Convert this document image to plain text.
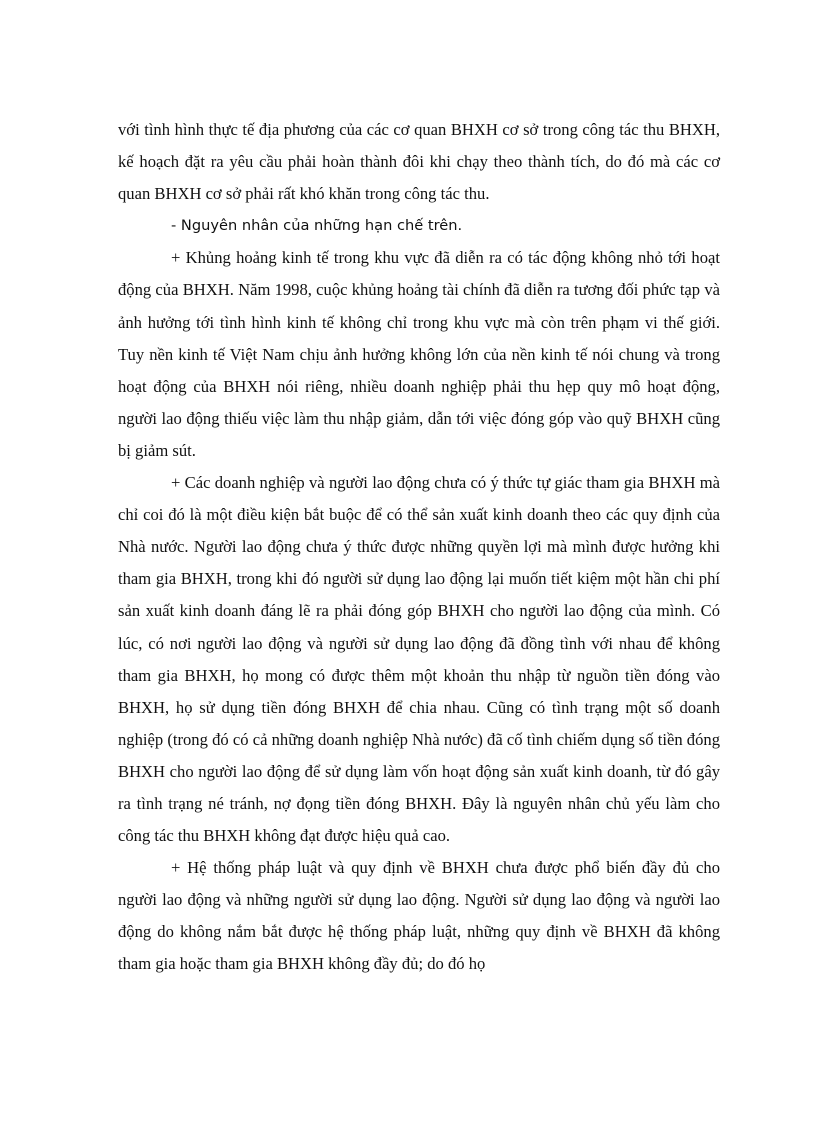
với tình hình thực tế địa phương của các cơ quan BHXH cơ sở trong công tác thu BHXH, kế hoạch đặt ra yêu cầu phải hoàn thành đôi khi chạy theo thành tích, do đó mà các cơ quan BHXH cơ sở phải rất khó khăn trong công tác thu.

- Nguyên nhân của những hạn chế trên.

+ Khủng hoảng kinh tế trong khu vực đã diễn ra có tác động không nhỏ tới hoạt động của BHXH. Năm 1998, cuộc khủng hoảng tài chính đã diễn ra tương đối phức tạp và ảnh hưởng tới tình hình kinh tế không chỉ trong khu vực mà còn trên phạm vi thế giới. Tuy nền kinh tế Việt Nam chịu ảnh hưởng không lớn của nền kinh tế nói chung và trong hoạt động của BHXH nói riêng, nhiều doanh nghiệp phải thu hẹp quy mô hoạt động, người lao động thiếu việc làm thu nhập giảm, dẫn tới việc đóng góp vào quỹ BHXH cũng bị giảm sút.

+ Các doanh nghiệp và người lao động chưa có ý thức tự giác tham gia BHXH mà chỉ coi đó là một điều kiện bắt buộc để có thể sản xuất kinh doanh theo các quy định của Nhà nước. Người lao động chưa ý thức được những quyền lợi mà mình được hưởng khi tham gia BHXH, trong khi đó người sử dụng lao động lại muốn tiết kiệm một hần chi phí sản xuất kinh doanh đáng lẽ ra phải đóng góp BHXH cho người lao động của mình. Có lúc, có nơi người lao động và người sử dụng lao động đã đồng tình với nhau để không tham gia BHXH, họ mong có được thêm một khoản thu nhập từ nguồn tiền đóng vào BHXH, họ sử dụng tiền đóng BHXH để chia nhau. Cũng có tình trạng một số doanh nghiệp (trong đó có cả những doanh nghiệp Nhà nước) đã cố tình chiếm dụng số tiền đóng BHXH cho người lao động để sử dụng làm vốn hoạt động sản xuất kinh doanh, từ đó gây ra tình trạng né tránh, nợ đọng tiền đóng BHXH. Đây là nguyên nhân chủ yếu làm cho công tác thu BHXH không đạt được hiệu quả cao.

+ Hệ thống pháp luật và quy định về BHXH chưa được phổ biến đầy đủ cho người lao động và những người sử dụng lao động. Người sử dụng lao động và người lao động do không nắm bắt được hệ thống pháp luật, những quy định về BHXH đã không tham gia hoặc tham gia BHXH không đầy đủ; do đó họ
